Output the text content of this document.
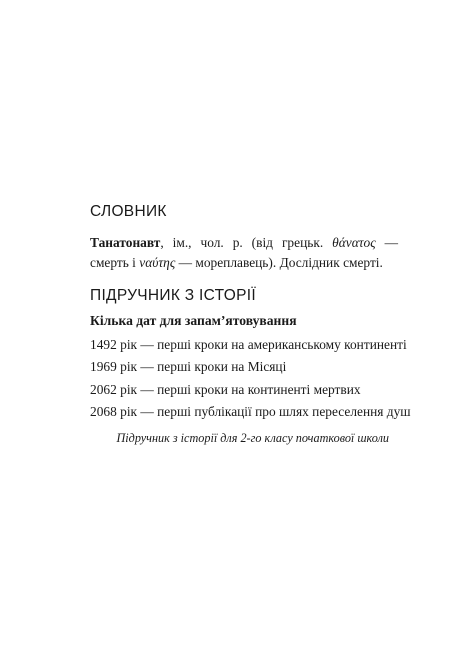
СЛОВНИК
Танатонавт, ім., чол. р. (від грецьк. θάνατος — смерть і ναύτης — мореплавець). Дослідник смерті.
ПІДРУЧНИК З ІСТОРІЇ
Кілька дат для запам’ятовування
1492 рік — перші кроки на американському континенті
1969 рік — перші кроки на Місяці
2062 рік — перші кроки на континенті мертвих
2068 рік — перші публікації про шлях переселення душ
Підручник з історії для 2-го класу початкової школи
